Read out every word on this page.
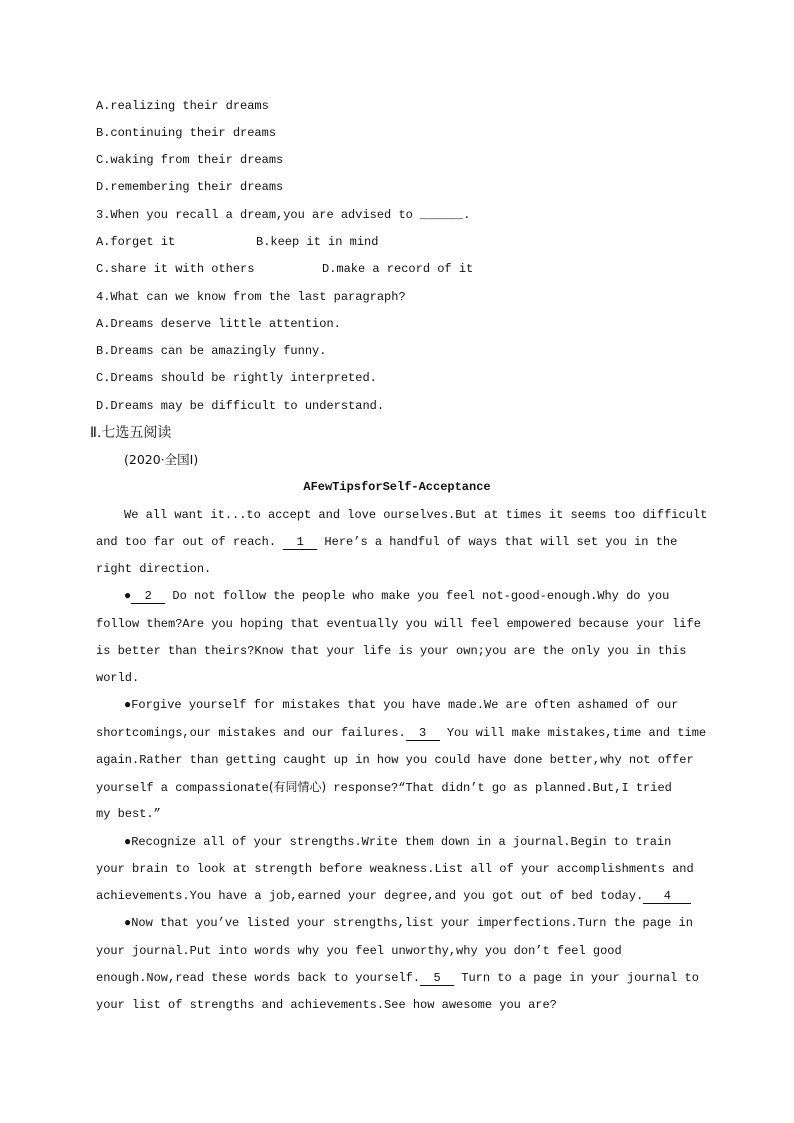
A.realizing their dreams
B.continuing their dreams
C.waking from their dreams
D.remembering their dreams
3.When you recall a dream,you are advised to ______.
A.forget it	B.keep it in mind
C.share it with others	D.make a record of it
4.What can we know from the last paragraph?
A.Dreams deserve little attention.
B.Dreams can be amazingly funny.
C.Dreams should be rightly interpreted.
D.Dreams may be difficult to understand.
Ⅱ.七选五阅读
(2020·全国Ⅰ)
AFewTipsforSelf-Acceptance
We all want it...to accept and love ourselves.But at times it seems too difficult
and too far out of reach. 1 Here’s a handful of ways that will set you in the
right direction.
● 2 Do not follow the people who make you feel not-good-enough.Why do you
follow them?Are you hoping that eventually you will feel empowered because your life
is better than theirs?Know that your life is your own;you are the only you in this
world.
●Forgive yourself for mistakes that you have made.We are often ashamed of our
shortcomings,our mistakes and our failures. 3 You will make mistakes,time and time
again.Rather than getting caught up in how you could have done better,why not offer
yourself a compassionate(有同情心) response?“That didn’t go as planned.But,I tried
my best.”
●Recognize all of your strengths.Write them down in a journal.Begin to train
your brain to look at strength before weakness.List all of your accomplishments and
achievements.You have a job,earned your degree,and you got out of bed today. 4
●Now that you’ve listed your strengths,list your imperfections.Turn the page in
your journal.Put into words why you feel unworthy,why you don’t feel good
enough.Now,read these words back to yourself. 5 Turn to a page in your journal to
your list of strengths and achievements.See how awesome you are?
